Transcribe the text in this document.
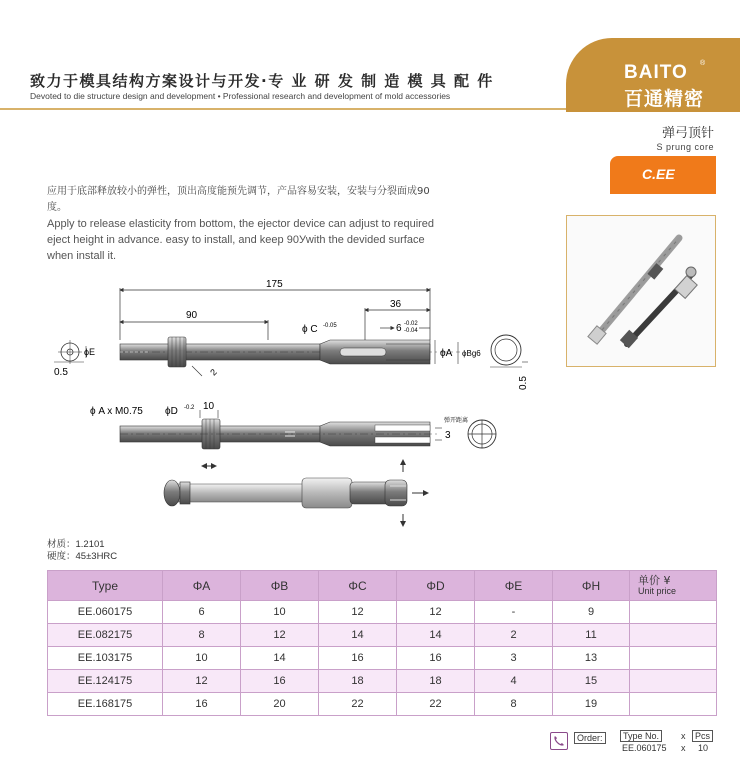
致力于模具结构方案设计与开发·专 业 研 发 制 造 模 具 配 件
Devoted to die structure design and development • Professional research and development of mold accessories
BAITO ®
百通精密
弹弓顶针
S prung core
C.EE
应用于底部释放较小的弹性，顶出高度能预先调节，产品容易安装，安装与分裂面成90度。
Apply to release elasticity from bottom, the ejector device can adjust to required eject height in advance. easy to install, and keep 90Уwith the devided surface when install it.
175
90
36
ϕ C -0.05	6 -0.02
-0.04
0.5
ϕE
2
ϕA ϕBg6
0.5
ϕ A x M0.75 ϕD -0.2 10
弹开距离
3
材质：1.2101
硬度：45±3HRC
Type	ΦA	ΦB	ΦC	ΦD	ΦE	ΦH	单价 ¥
Unit price

EE.060175	6	10	12	12	-	9	
EE.082175	8	12	14	14	2	11	
EE.103175	10	14	16	16	3	13	
EE.124175	12	16	18	18	4	15	
EE.168175	16	20	22	22	8	19	
Order:	Type No.	x	Pcs
EE.060175 x 10
